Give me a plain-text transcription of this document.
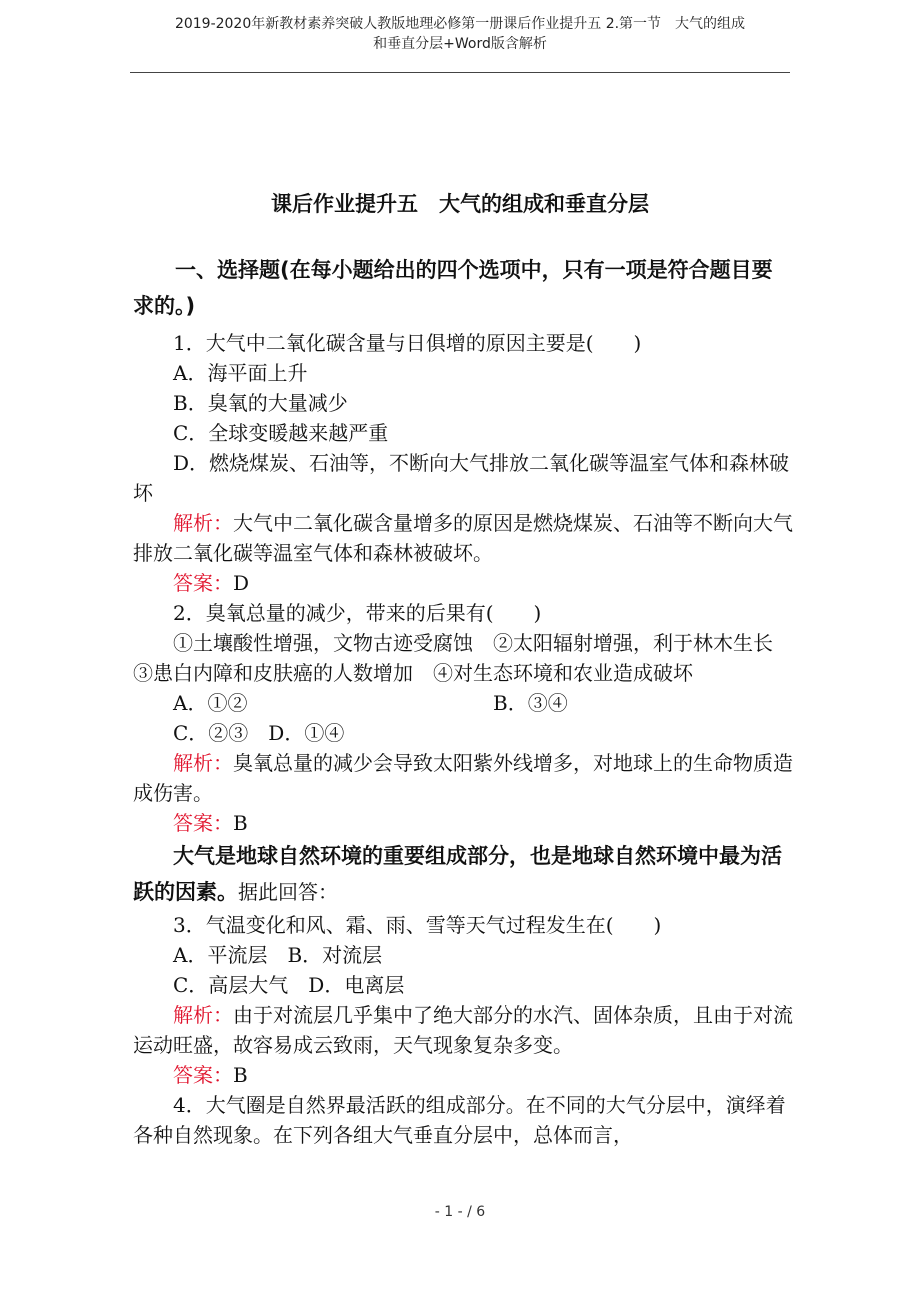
2019-2020年新教材素养突破人教版地理必修第一册课后作业提升五 2.第一节　大气的组成
和垂直分层+Word版含解析
课后作业提升五　大气的组成和垂直分层

一、选择题(在每小题给出的四个选项中，只有一项是符合题目要求的。)

1．大气中二氧化碳含量与日俱增的原因主要是(　　)

A．海平面上升

B．臭氧的大量减少

C．全球变暖越来越严重

D．燃烧煤炭、石油等，不断向大气排放二氧化碳等温室气体和森林破坏

解析：大气中二氧化碳含量增多的原因是燃烧煤炭、石油等不断向大气排放二氧化碳等温室气体和森林被破坏。

答案：D

2．臭氧总量的减少，带来的后果有(　　)

①土壤酸性增强，文物古迹受腐蚀　②太阳辐射增强，利于林木生长　③患白内障和皮肤癌的人数增加　④对生态环境和农业造成破坏

A．①②	B．③④

C．②③　D．①④

解析：臭氧总量的减少会导致太阳紫外线增多，对地球上的生命物质造成伤害。

答案：B

大气是地球自然环境的重要组成部分，也是地球自然环境中最为活跃的因素。据此回答：

3．气温变化和风、霜、雨、雪等天气过程发生在(　　)

A．平流层　B．对流层

C．高层大气　D．电离层

解析：由于对流层几乎集中了绝大部分的水汽、固体杂质，且由于对流运动旺盛，故容易成云致雨，天气现象复杂多变。

答案：B

4．大气圈是自然界最活跃的组成部分。在不同的大气分层中，演绎着各种自然现象。在下列各组大气垂直分层中，总体而言，

- 1 - / 6
